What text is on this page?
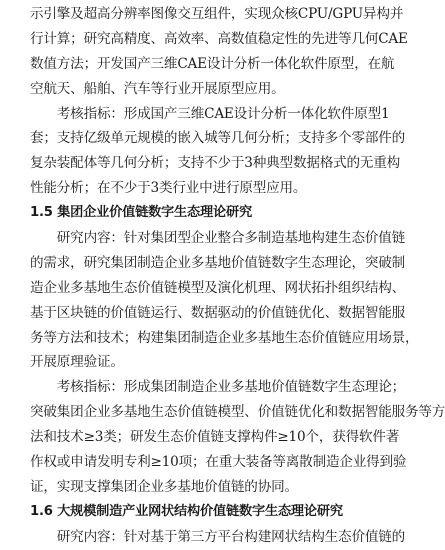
示引擎及超高分辨率图像交互组件，实现众核CPU/GPU异构并
行计算；研究高精度、高效率、高数值稳定性的先进等几何CAE
数值方法；开发国产三维CAE设计分析一体化软件原型，在航
空航天、船舶、汽车等行业开展原型应用。
　　考核指标：形成国产三维CAE设计分析一体化软件原型1
套；支持亿级单元规模的嵌入城等几何分析；支持多个零部件的
复杂装配体等几何分析；支持不少于3种典型数据格式的无重构
性能分析；在不少于3类行业中进行原型应用。
1.5 集团企业价值链数字生态理论研究
　　研究内容：针对集团型企业整合多制造基地构建生态价值链
的需求，研究集团制造企业多基地价值链数字生态理论，突破制
造企业多基地生态价值链模型及演化机理、网状拓扑组织结构、
基于区块链的价值链运行、数据驱动的价值链优化、数据智能服
务等方法和技术；构建集团制造企业多基地生态价值链应用场景，
开展原理验证。
　　考核指标：形成集团制造企业多基地价值链数字生态理论；
突破集团企业多基地生态价值链模型、价值链优化和数据智能服务等方
法和技术≥3类；研发生态价值链支撑构件≥10个，获得软件著
作权或申请发明专利≥10项；在重大装备等离散制造企业得到验
证，实现支撑集团企业多基地价值链的协同。
1.6 大规模制造产业网状结构价值链数字生态理论研究
　　研究内容：针对基于第三方平台构建网状结构生态价值链的
